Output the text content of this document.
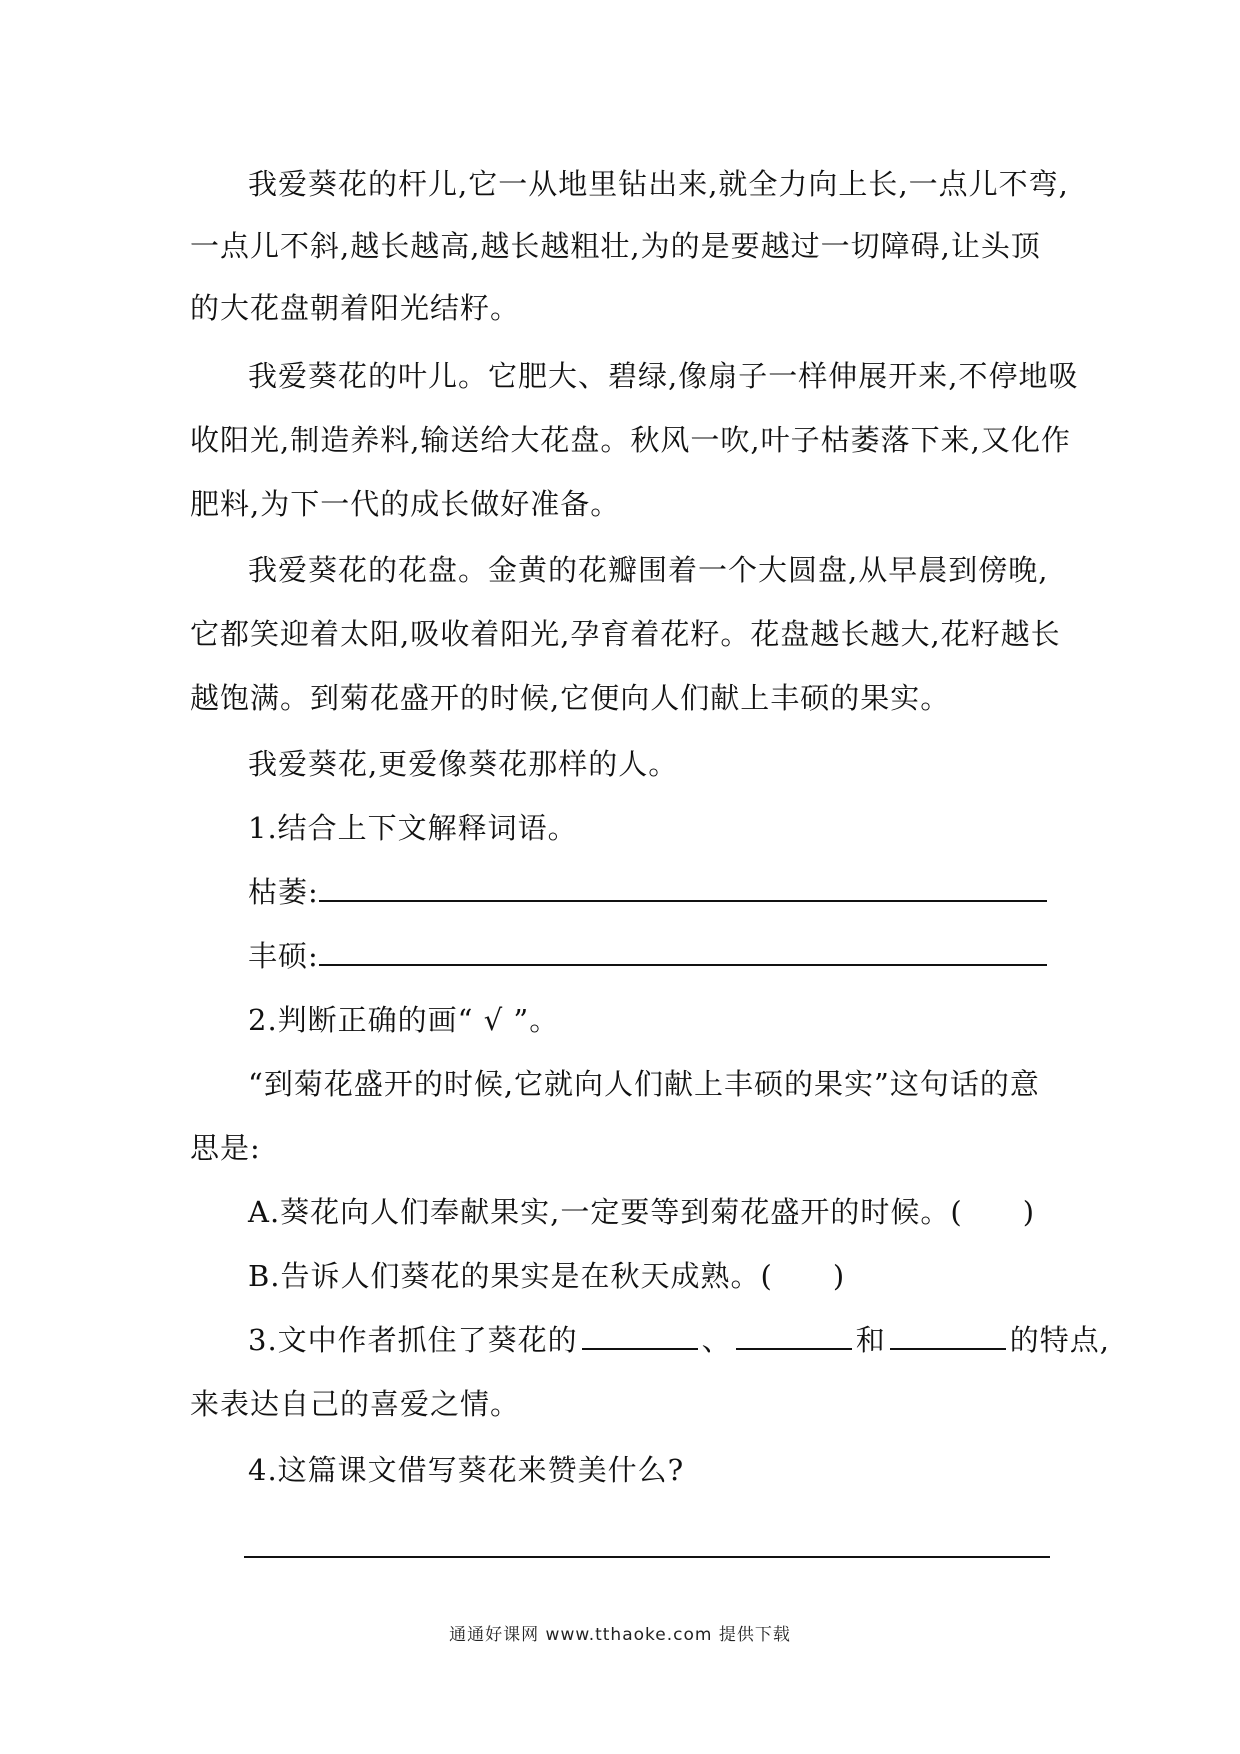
我爱葵花的杆儿,它一从地里钻出来,就全力向上长,一点儿不弯,
一点儿不斜,越长越高,越长越粗壮,为的是要越过一切障碍,让头顶
的大花盘朝着阳光结籽。
我爱葵花的叶儿。它肥大、碧绿,像扇子一样伸展开来,不停地吸
收阳光,制造养料,输送给大花盘。秋风一吹,叶子枯萎落下来,又化作
肥料,为下一代的成长做好准备。
我爱葵花的花盘。金黄的花瓣围着一个大圆盘,从早晨到傍晚,
它都笑迎着太阳,吸收着阳光,孕育着花籽。花盘越长越大,花籽越长
越饱满。到菊花盛开的时候,它便向人们献上丰硕的果实。
我爱葵花,更爱像葵花那样的人。
1.结合上下文解释词语。
枯萎:
丰硕:
2.判断正确的画“ √ ”。
“到菊花盛开的时候,它就向人们献上丰硕的果实”这句话的意
思是:
A.葵花向人们奉献果实,一定要等到菊花盛开的时候。(　　)
B.告诉人们葵花的果实是在秋天成熟。(　　)
3.文中作者抓住了葵花的	、	和	的特点,
来表达自己的喜爱之情。
4.这篇课文借写葵花来赞美什么?
通通好课网 www.tthaoke.com 提供下载
